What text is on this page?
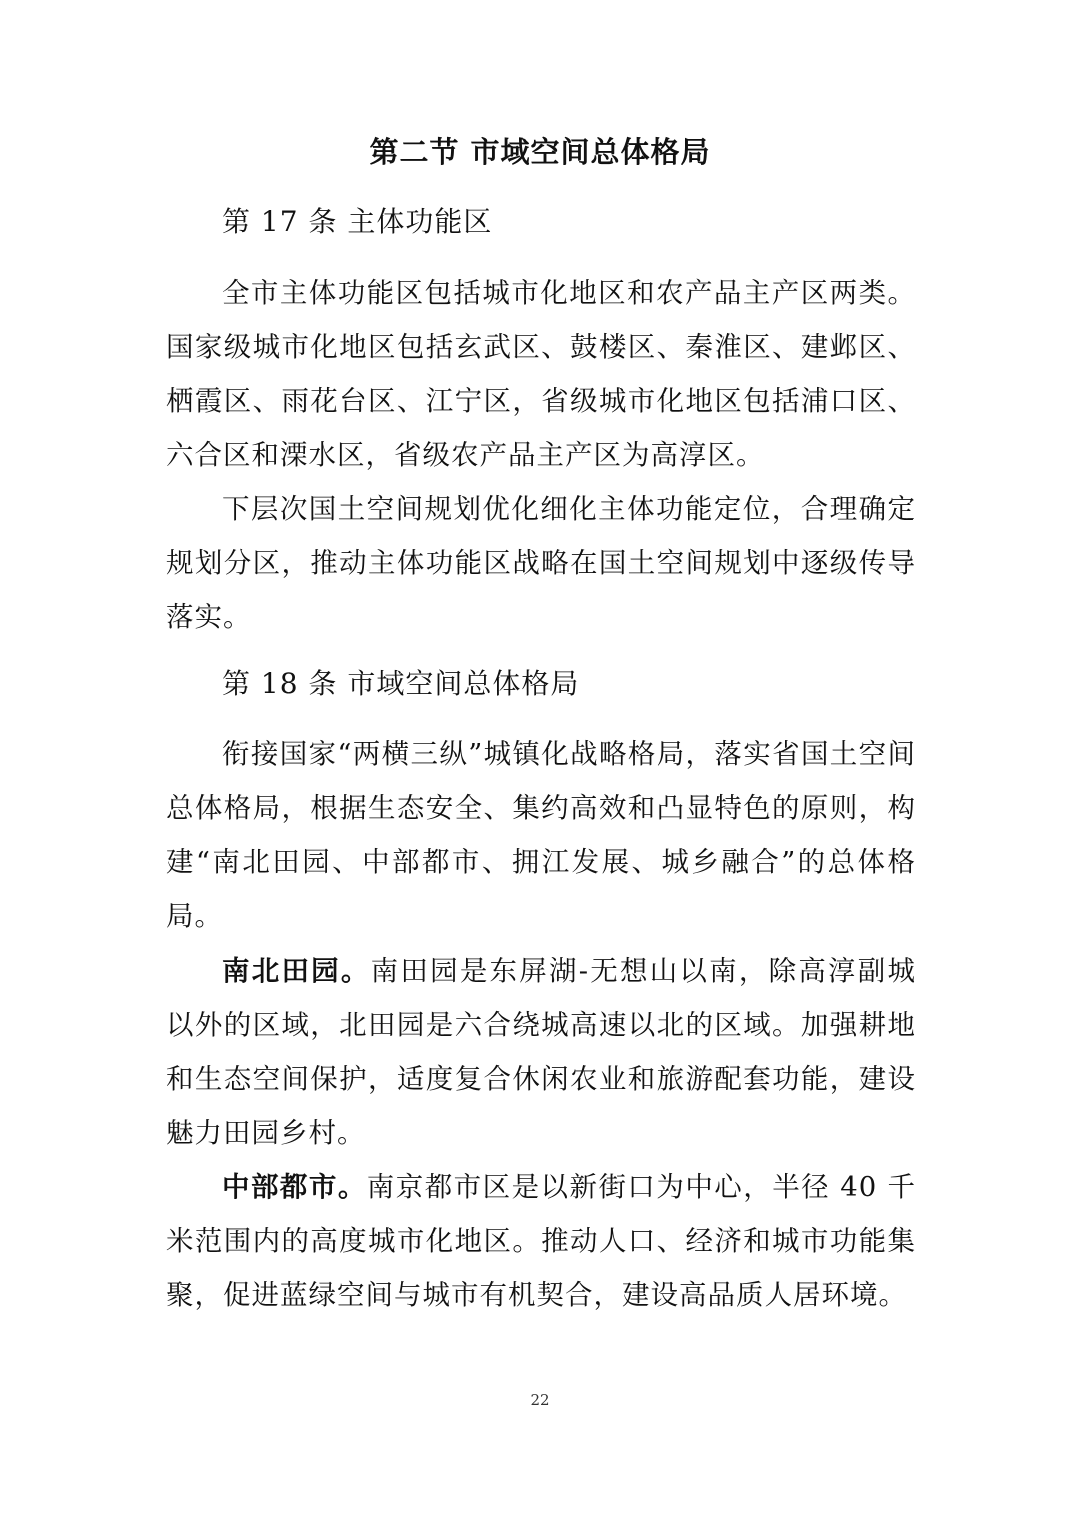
第二节 市域空间总体格局
第 17 条 主体功能区

全市主体功能区包括城市化地区和农产品主产区两类。国家级城市化地区包括玄武区、鼓楼区、秦淮区、建邺区、栖霞区、雨花台区、江宁区，省级城市化地区包括浦口区、六合区和溧水区，省级农产品主产区为高淳区。

下层次国土空间规划优化细化主体功能定位，合理确定规划分区，推动主体功能区战略在国土空间规划中逐级传导落实。

第 18 条 市域空间总体格局

衔接国家“两横三纵”城镇化战略格局，落实省国土空间总体格局，根据生态安全、集约高效和凸显特色的原则，构建“南北田园、中部都市、拥江发展、城乡融合”的总体格局。

南北田园。南田园是东屏湖-无想山以南，除高淳副城以外的区域，北田园是六合绕城高速以北的区域。加强耕地和生态空间保护，适度复合休闲农业和旅游配套功能，建设魅力田园乡村。

中部都市。南京都市区是以新街口为中心，半径 40 千米范围内的高度城市化地区。推动人口、经济和城市功能集聚，促进蓝绿空间与城市有机契合，建设高品质人居环境。

22
